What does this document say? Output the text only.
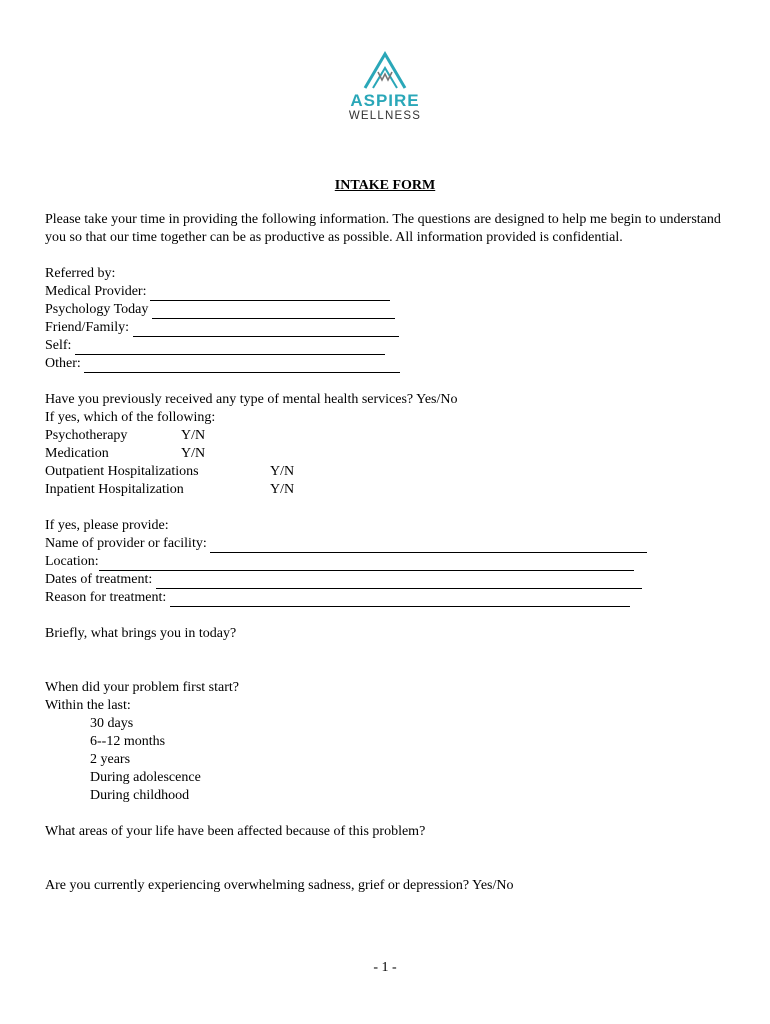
ASPIRE
WELLNESS
INTAKE FORM

Please take your time in providing the following information. The questions are designed to help me begin to understand you so that our time together can be as productive as possible. All information provided is confidential.

Referred by:

Medical Provider:

Psychology Today

Friend/Family:

Self:

Other:

Have you previously received any type of mental health services? Yes/No

If yes, which of the following:

Psychotherapy	Y/N
Medication	Y/N
Outpatient Hospitalizations	Y/N
Inpatient Hospitalization	Y/N

If yes, please provide:

Name of provider or facility:

Location:
Dates of treatment:

Reason for treatment:

Briefly, what brings you in today?

When did your problem first start?

Within the last:

30 days

6--12 months

2 years

During adolescence

During childhood

What areas of your life have been affected because of this problem?

Are you currently experiencing overwhelming sadness, grief or depression? Yes/No

- 1 -
